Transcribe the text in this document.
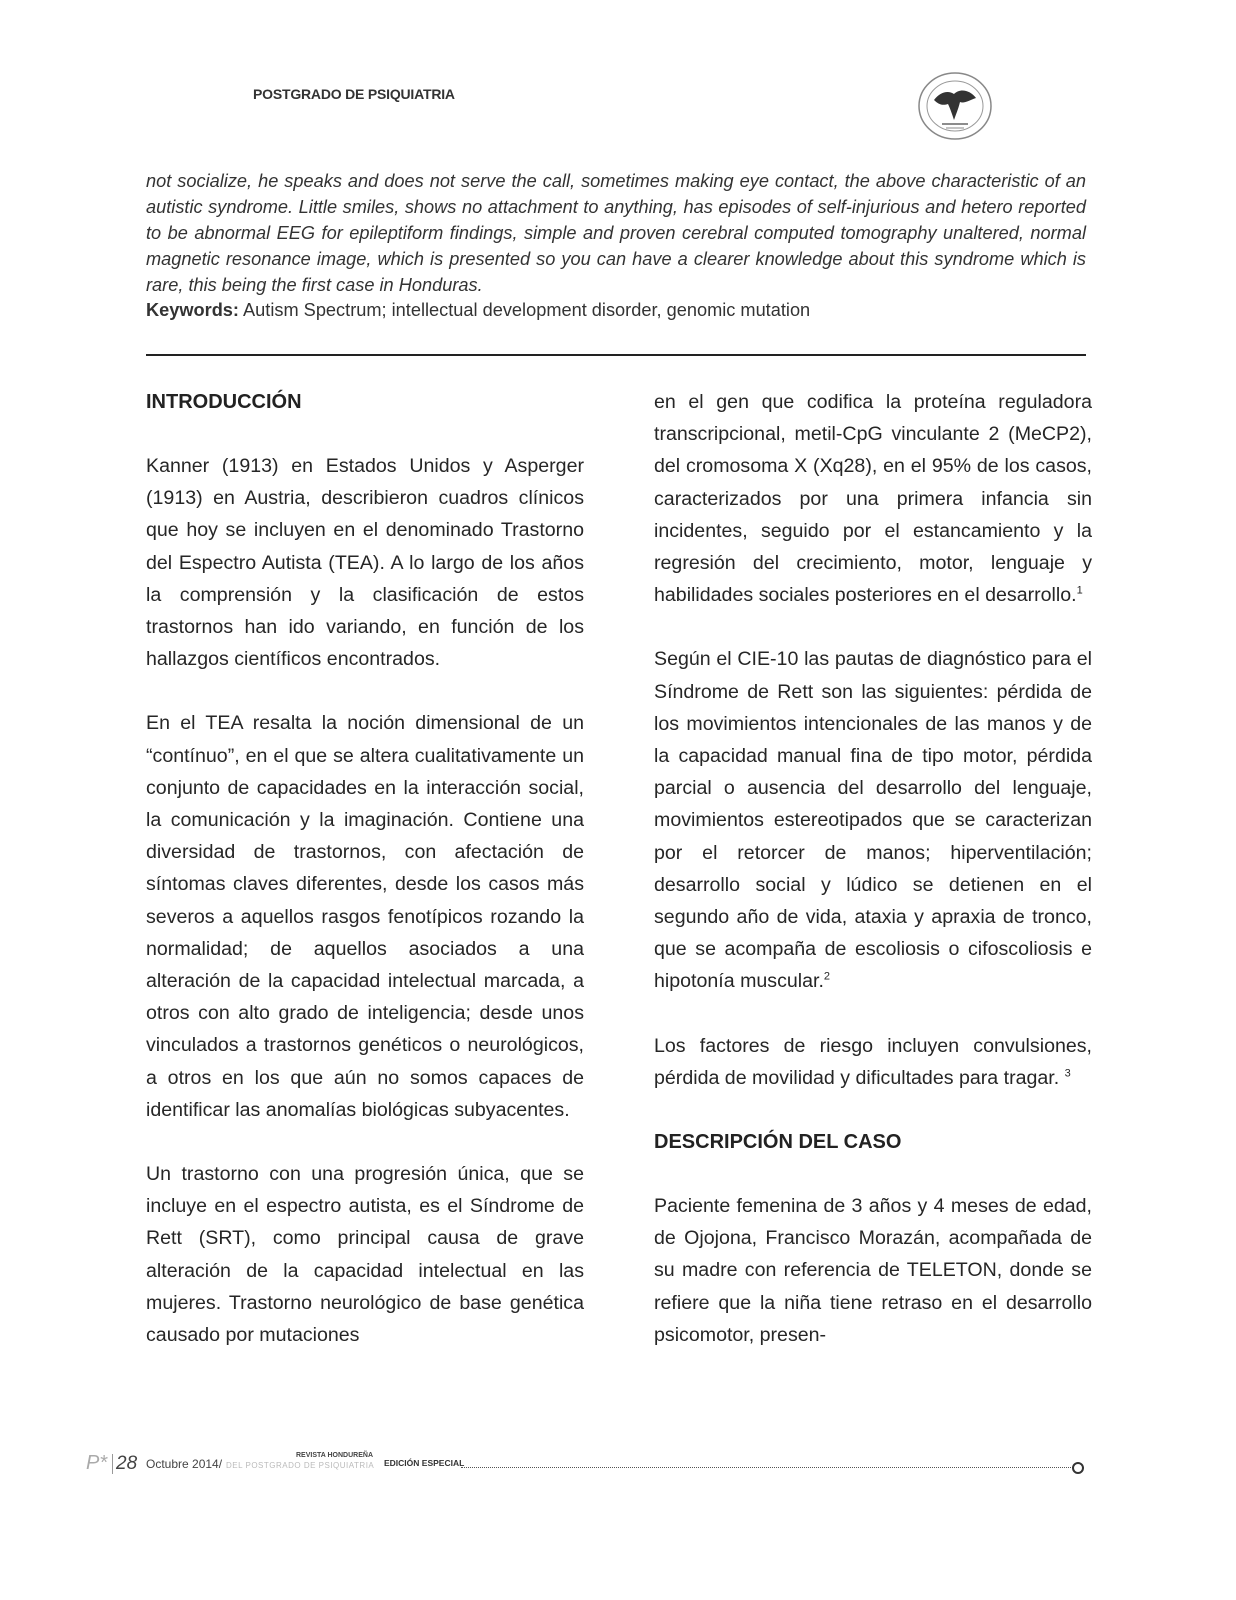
POSTGRADO DE PSIQUIATRIA

not socialize, he speaks and does not serve the call, sometimes making eye contact, the above characteristic of an autistic syndrome. Little smiles, shows no attachment to anything, has episodes of self-injurious and hetero reported to be abnormal EEG for epileptiform findings, simple and proven cerebral computed tomography unaltered, normal magnetic resonance image, which is presented so you can have a clearer knowledge about this syndrome which is rare, this being the first case in Honduras.

Keywords: Autism Spectrum; intellectual development disorder, genomic mutation

INTRODUCCIÓN

Kanner (1913) en Estados Unidos y Asperger (1913) en Austria, describieron cuadros clínicos que hoy se incluyen en el denominado Trastorno del Espectro Autista (TEA). A lo largo de los años la comprensión y la clasificación de estos trastornos han ido variando, en función de los hallazgos científicos encontrados.

En el TEA resalta la noción dimensional de un “contínuo”, en el que se altera cualitativamente un conjunto de capacidades en la interacción social, la comunicación y la imaginación. Contiene una diversidad de trastornos, con afectación de síntomas claves diferentes, desde los casos más severos a aquellos rasgos fenotípicos rozando la normalidad; de aquellos asociados a una alteración de la capacidad intelectual marcada, a otros con alto grado de inteligencia; desde unos vinculados a trastornos genéticos o neurológicos, a otros en los que aún no somos capaces de identificar las anomalías biológicas subyacentes.

Un trastorno con una progresión única, que se incluye en el espectro autista, es el Síndrome de Rett (SRT), como principal causa de grave alteración de la capacidad intelectual en las mujeres. Trastorno neurológico de base genética causado por mutaciones

en el gen que codifica la proteína reguladora transcripcional, metil-CpG vinculante 2 (MeCP2), del cromosoma X (Xq28), en el 95% de los casos, caracterizados por una primera infancia sin incidentes, seguido por el estancamiento y la regresión del crecimiento, motor, lenguaje y habilidades sociales posteriores en el desarrollo.$^1$

Según el CIE-10 las pautas de diagnóstico para el Síndrome de Rett son las siguientes: pérdida de los movimientos intencionales de las manos y de la capacidad manual fina de tipo motor, pérdida parcial o ausencia del desarrollo del lenguaje, movimientos estereotipados que se caracterizan por el retorcer de manos; hiperventilación; desarrollo social y lúdico se detienen en el segundo año de vida, ataxia y apraxia de tronco, que se acompaña de escoliosis o cifoscoliosis e hipotonía muscular.$^2$

Los factores de riesgo incluyen convulsiones, pérdida de movilidad y dificultades para tragar. $^3$

DESCRIPCIÓN DEL CASO

Paciente femenina de 3 años y 4 meses de edad, de Ojojona, Francisco Morazán, acompañada de su madre con referencia de TELETON, donde se refiere que la niña tiene retraso en el desarrollo psicomotor, presen-

P* 28 Octubre 2014/
REVISTA HONDUREÑA
DEL POSTGRADO DE PSIQUIATRIA EDICIÓN ESPECIAL
